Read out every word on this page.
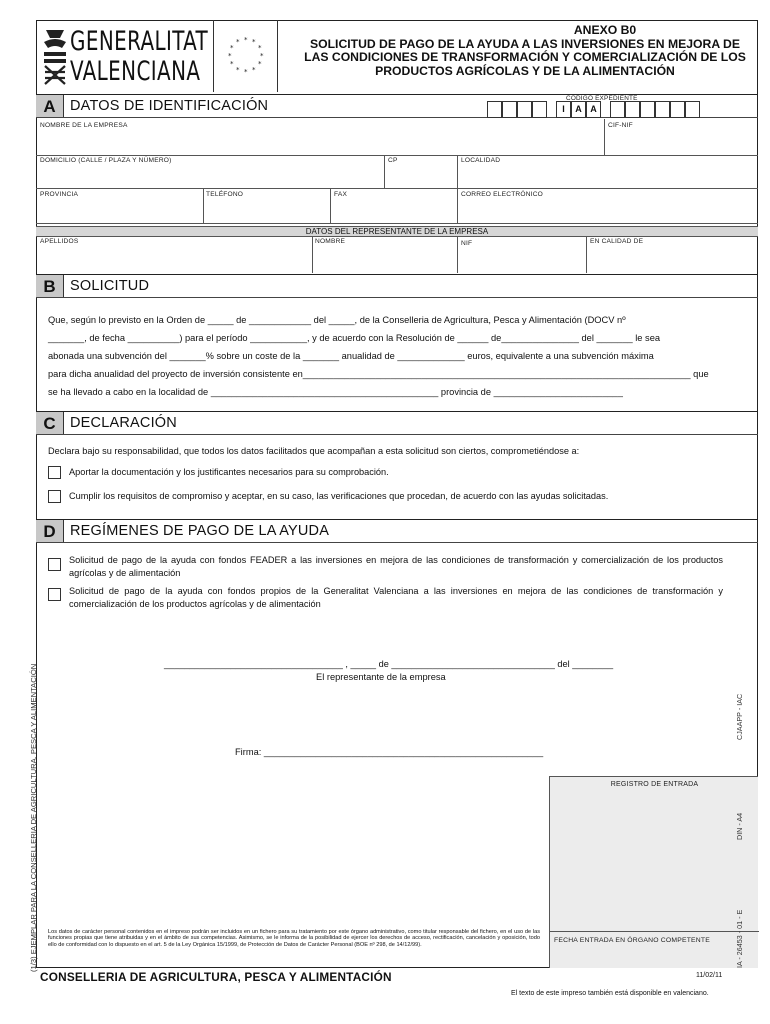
GENERALITAT
VALENCIANA
* *
*
*
*
*
*
*
*
*
*
*
ANEXO B0
SOLICITUD DE PAGO DE LA AYUDA A LAS INVERSIONES EN MEJORA DE LAS CONDICIONES DE TRANSFORMACIÓN Y COMERCIALIZACIÓN DE LOS PRODUCTOS AGRÍCOLAS Y DE LA ALIMENTACIÓN
A DATOS DE IDENTIFICACIÓN	CÓDIGO EXPEDIENTE
I	A A
NOMBRE DE LA EMPRESA	CIF-NIF
DOMICILIO (CALLE / PLAZA Y NÚMERO)	CP	LOCALIDAD
PROVINCIA	TELÉFONO	FAX	CORREO ELECTRÓNICO
DATOS DEL REPRESENTANTE DE LA EMPRESA
APELLIDOS	NOMBRE	NIF	EN CALIDAD DE
B SOLICITUD
Que, según lo previsto en la Orden de _____ de ____________ del _____, de la Conselleria de Agricultura, Pesca y Alimentación (DOCV nº
_______, de fecha __________) para el período ___________, y de acuerdo con la Resolución de ______ de_______________ del _______ le sea
abonada una subvención del _______% sobre un coste de la _______ anualidad de _____________ euros, equivalente a una subvención máxima
para dicha anualidad del proyecto de inversión consistente en___________________________________________________________________________ que
se ha llevado a cabo en la localidad de ____________________________________________ provincia de _________________________
C DECLARACIÓN
Declara bajo su responsabilidad, que todos los datos facilitados que acompañan a esta solicitud son ciertos, comprometiéndose a:
Aportar la documentación y los justificantes necesarios para su comprobación.
Cumplir los requisitos de compromiso y aceptar, en su caso, las verificaciones que procedan, de acuerdo con las ayudas solicitadas.
D REGÍMENES DE PAGO DE LA AYUDA
Solicitud de pago de la ayuda con fondos FEADER a las inversiones en mejora de las condiciones de transformación y comercialización de los productos agrícolas y de alimentación
Solicitud de pago de la ayuda con fondos propios de la Generalitat Valenciana a las inversiones en mejora de las condiciones de transformación y comercialización de los productos agrícolas y de alimentación
___________________________________ , _____ de ________________________________ del ________
El representante de la empresa
Firma: ______________________________________________________
REGISTRO DE ENTRADA
FECHA ENTRADA EN ÓRGANO COMPETENTE
Los datos de carácter personal contenidos en el impreso podrán ser incluidos en un fichero para su tratamiento por este órgano administrativo, como titular responsable del fichero, en el uso de las funciones propias que tiene atribuidas y en el ámbito de sus competencias. Asimismo, se le informa de la posibilidad de ejercer los derechos de acceso, rectificación, cancelación y oposición, todo ello de conformidad con lo dispuesto en el art. 5 de la Ley Orgánica 15/1999, de Protección de Datos de Carácter Personal (BOE nº 298, de 14/12/99).
CONSELLERIA DE AGRICULTURA, PESCA Y ALIMENTACIÓN	11/02/11
El texto de este impreso también está disponible en valenciano.
(1/3) EJEMPLAR PARA LA CONSELLERIA DE AGRICULTURA, PESCA Y ALIMENTACIÓN	CJAAPP - IAC
DIN - A4
IA - 26453 - 01 - E
